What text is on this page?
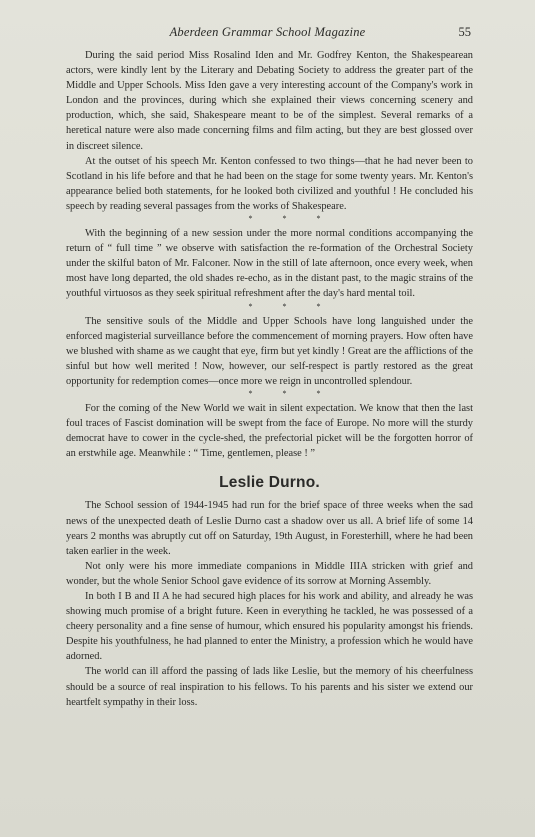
Aberdeen Grammar School Magazine	55

During the said period Miss Rosalind Iden and Mr. Godfrey Kenton, the Shakespearean actors, were kindly lent by the Literary and Debating Society to address the greater part of the Middle and Upper Schools. Miss Iden gave a very interesting account of the Company's work in London and the provinces, during which she explained their views concerning scenery and production, which, she said, Shakespeare meant to be of the simplest. Several remarks of a heretical nature were also made concerning films and film acting, but they are best glossed over in discreet silence.

At the outset of his speech Mr. Kenton confessed to two things—that he had never been to Scotland in his life before and that he had been on the stage for some twenty years. Mr. Kenton's appearance belied both statements, for he looked both civilized and youthful ! He concluded his speech by reading several passages from the works of Shakespeare.

* * *

With the beginning of a new session under the more normal conditions accompanying the return of “ full time ” we observe with satisfaction the re-formation of the Orchestral Society under the skilful baton of Mr. Falconer. Now in the still of late afternoon, once every week, when most have long departed, the old shades re-echo, as in the distant past, to the magic strains of the youthful virtuosos as they seek spiritual refreshment after the day's hard mental toil.

* * *

The sensitive souls of the Middle and Upper Schools have long languished under the enforced magisterial surveillance before the commencement of morning prayers. How often have we blushed with shame as we caught that eye, firm but yet kindly ! Great are the afflictions of the sinful but how well merited ! Now, however, our self-respect is partly restored as the great opportunity for redemption comes—once more we reign in uncontrolled splendour.

* * *

For the coming of the New World we wait in silent expectation. We know that then the last foul traces of Fascist domination will be swept from the face of Europe. No more will the sturdy democrat have to cower in the cycle-shed, the prefectorial picket will be the forgotten horror of an erstwhile age. Meanwhile : “ Time, gentlemen, please ! ”

Leslie Durno.

The School session of 1944-1945 had run for the brief space of three weeks when the sad news of the unexpected death of Leslie Durno cast a shadow over us all. A brief life of some 14 years 2 months was abruptly cut off on Saturday, 19th August, in Foresterhill, where he had been taken earlier in the week.

Not only were his more immediate companions in Middle IIIA stricken with grief and wonder, but the whole Senior School gave evidence of its sorrow at Morning Assembly.

In both I B and II A he had secured high places for his work and ability, and already he was showing much promise of a bright future. Keen in everything he tackled, he was possessed of a cheery personality and a fine sense of humour, which ensured his popularity amongst his friends. Despite his youthfulness, he had planned to enter the Ministry, a profession which he would have adorned.

The world can ill afford the passing of lads like Leslie, but the memory of his cheerfulness should be a source of real inspiration to his fellows. To his parents and his sister we extend our heartfelt sympathy in their loss.
